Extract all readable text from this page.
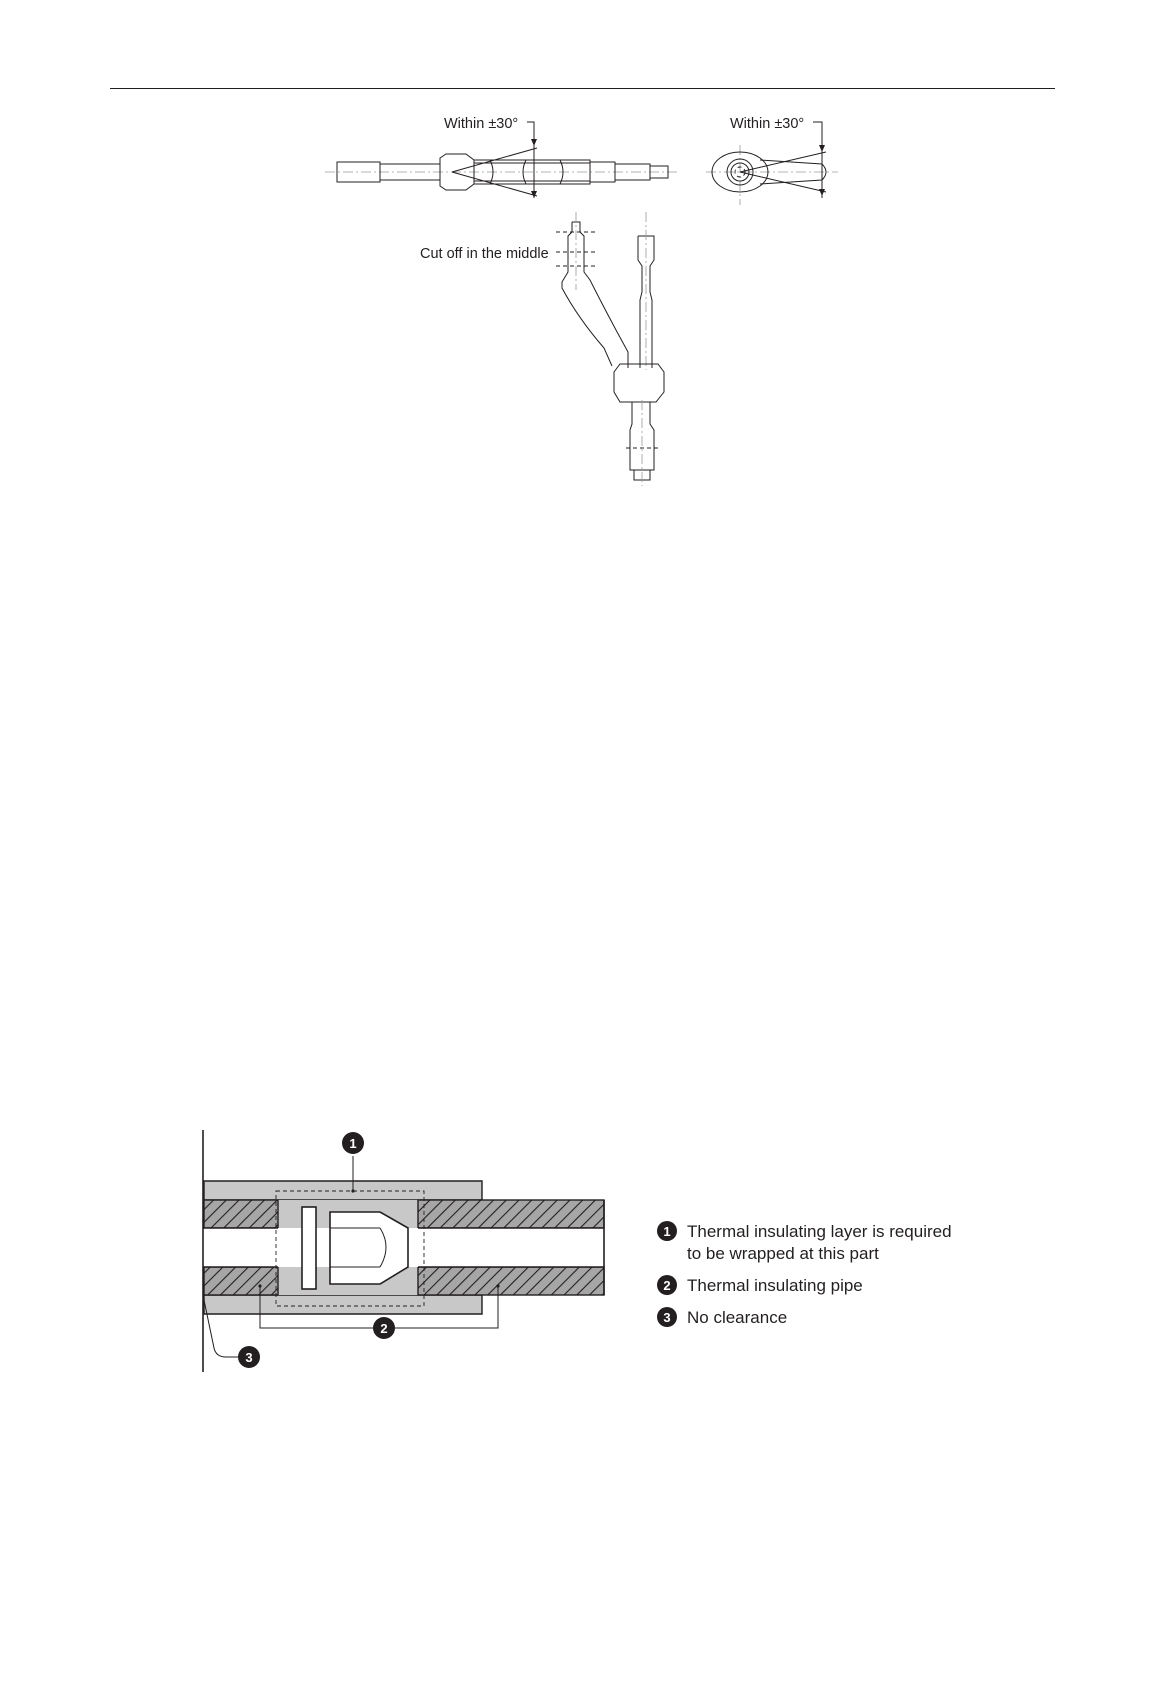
Within ±30°	Within ±30°
Cut off in the middle
1
2
3
1 Thermal insulating layer is required
to be wrapped at this part
2 Thermal insulating pipe
3 No clearance
